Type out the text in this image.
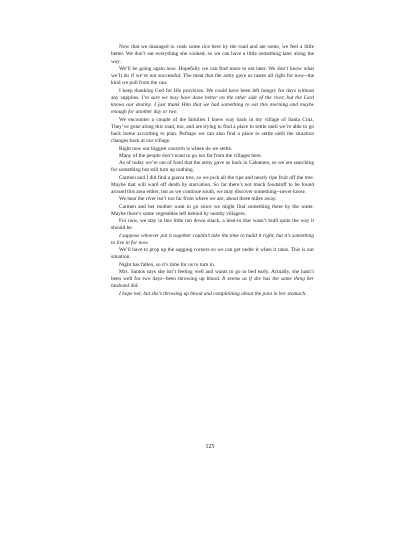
Now that we managed to cook some rice here by the road and ate some, we feel a little better. We don’t eat everything she cooked, so we can have a little something later along the way.

We’ll be going again now. Hopefully we can find more to eat later. We don’t know what we’ll do if we’re not successful. The meat that the army gave us tastes all right for now--the kind we pull from the can.

I keep thanking God for His provision. We could have been left hungry for days without any supplies. I’m sure we may have done better on the other side of the river, but the Lord knows our destiny. I just thank Him that we had something to eat this morning and maybe enough for another day or two.

We encounter a couple of the families I knew way back in my village of Santa Cruz. They’ve gone along this road, too, and are trying to find a place to settle until we’re able to go back home according to plan. Perhaps we can also find a place to settle until the situation changes back at our village.

Right now our biggest concern is where do we settle.

Many of the people don’t want to go too far from the villages here.

As of today we’re out of food that the army gave us back in Cabatuen, so we are searching for something but still turn up nothing.

Carmen and I did find a guava tree, so we pick all the ripe and nearly ripe fruit off the tree. Maybe that will ward off death by starvation. So far there’s not much foodstuff to be found around this area either, but as we continue south, we may discover something--never know.

We hear the river isn’t too far from where we are, about three miles away.

Carmen and her mother want to go since we might find something there by the water. Maybe there’s some vegetables left behind by nearby villagers.

For now, we stay in this little run down shack, a lean-to that wasn’t built quite the way it should be.

I suppose whoever put it together couldn’t take the time to build it right, but it’s something to live in for now.

We’ll have to prop up the sagging corners so we can get under it when it rains. This is our situation.

Night has fallen, so it’s time for us to turn in.

Mrs. Santos says she isn’t feeling well and wants to go to bed early. Actually, she hasn’t been well for two days--been throwing up blood. It seems as if she has the same thing her husband did.

I hope not, but she’s throwing up blood and complaining about the pain in her stomach.

125
